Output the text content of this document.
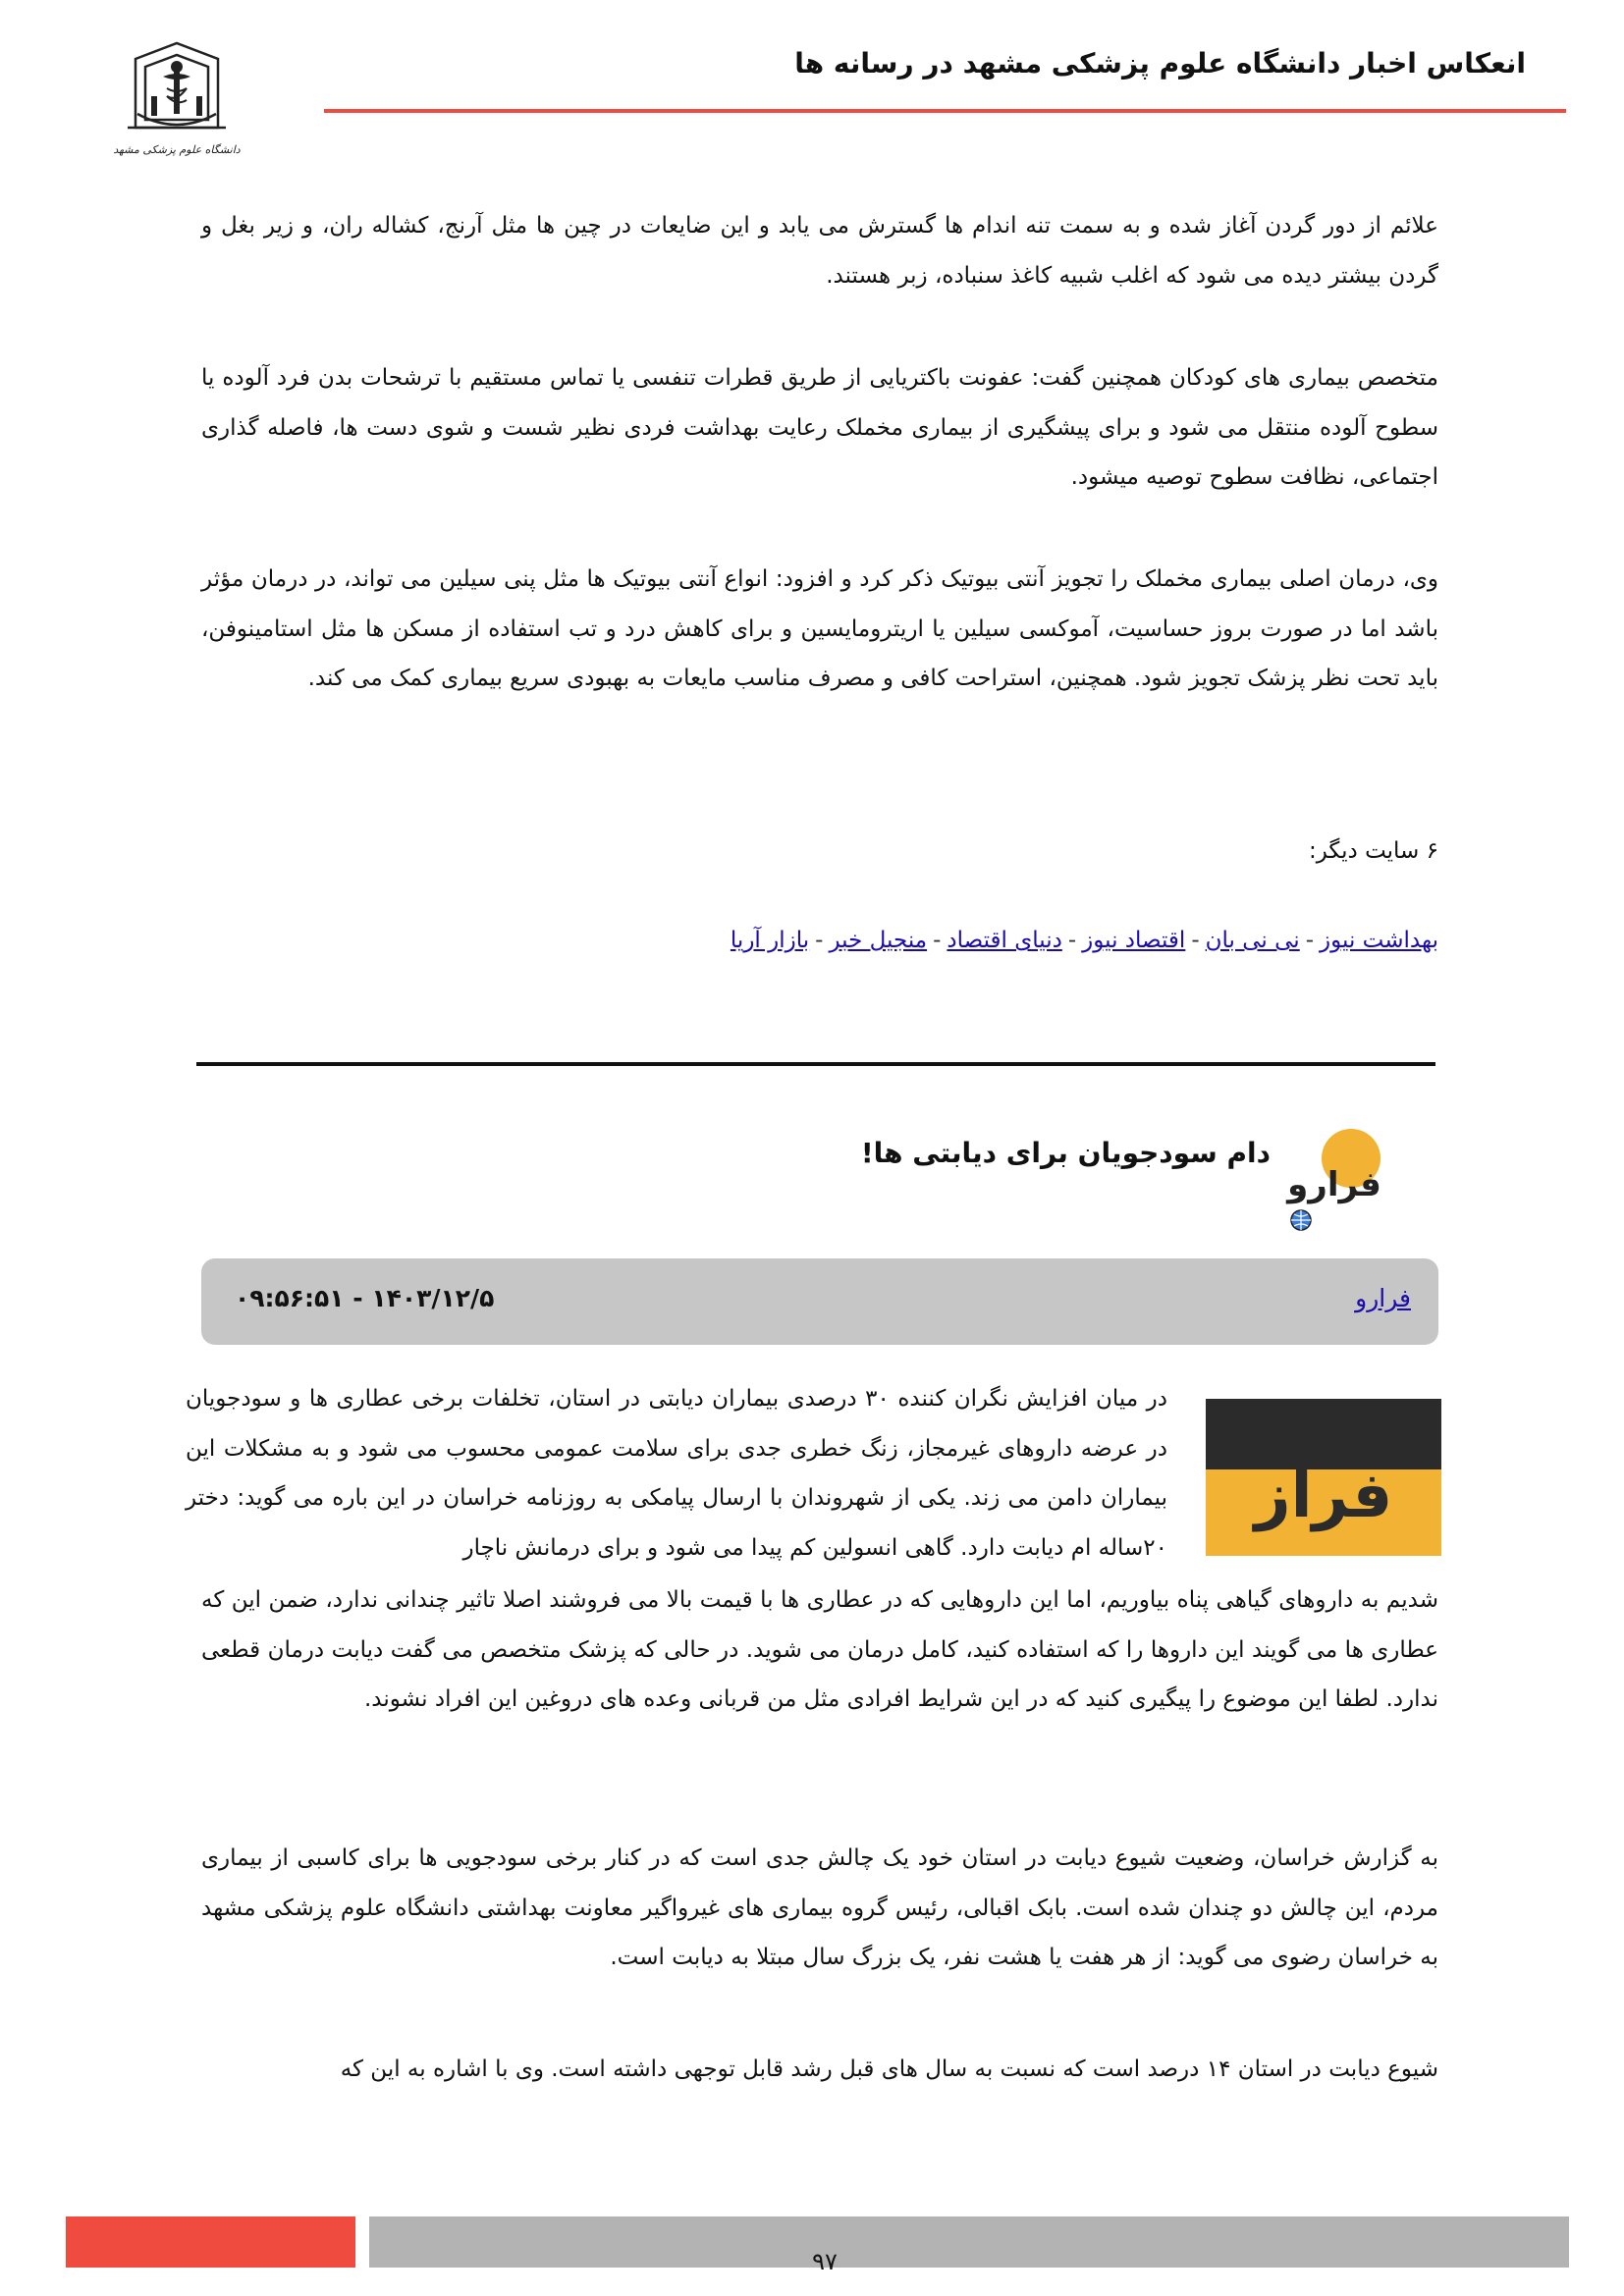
انعکاس اخبار دانشگاه علوم پزشکی مشهد در رسانه ها
دانشگاه علوم پزشکی مشهد

علائم از دور گردن آغاز شده و به سمت تنه اندام ها گسترش می یابد و این ضایعات در چین ها مثل آرنج، کشاله ران، و زیر بغل و گردن بیشتر دیده می شود که اغلب شبیه کاغذ سنباده، زبر هستند.

متخصص بیماری های کودکان همچنین گفت: عفونت باکتریایی از طریق قطرات تنفسی یا تماس مستقیم با ترشحات بدن فرد آلوده یا سطوح آلوده منتقل می شود و برای پیشگیری از بیماری مخملک رعایت بهداشت فردی نظیر شست و شوی دست ها، فاصله گذاری اجتماعی، نظافت سطوح توصیه میشود.

وی، درمان اصلی بیماری مخملک را تجویز آنتی بیوتیک ذکر کرد و افزود: انواع آنتی بیوتیک ها مثل پنی سیلین می تواند، در درمان مؤثر باشد اما در صورت بروز حساسیت، آموکسی سیلین یا اریترومایسین و برای کاهش درد و تب استفاده از مسکن ها مثل استامینوفن، باید تحت نظر پزشک تجویز شود. همچنین، استراحت کافی و مصرف مناسب مایعات به بهبودی سریع بیماری کمک می کند.

۶ سایت دیگر:
بهداشت نیوز-نی نی بان-اقتصاد نیوز-دنیای اقتصاد-منجیل خبر-بازار آریا
دام سودجویان برای دیابتی ها!
فرارو
فرارو
۱۴۰۳/۱۲/۵ - ۰۹:۵۶:۵۱
فراز

در میان افزایش نگران کننده ۳۰ درصدی بیماران دیابتی در استان، تخلفات برخی عطاری ها و سودجویان در عرضه داروهای غیرمجاز، زنگ خطری جدی برای سلامت عمومی محسوب می شود و به مشکلات این بیماران دامن می زند. یکی از شهروندان با ارسال پیامکی به روزنامه خراسان در این باره می گوید: دختر ۲۰ساله ام دیابت دارد. گاهی انسولین کم پیدا می شود و برای درمانش ناچار

شدیم به داروهای گیاهی پناه بیاوریم، اما این داروهایی که در عطاری ها با قیمت بالا می فروشند اصلا تاثیر چندانی ندارد، ضمن این که عطاری ها می گویند این داروها را که استفاده کنید، کامل درمان می شوید. در حالی که پزشک متخصص می گفت دیابت درمان قطعی ندارد. لطفا این موضوع را پیگیری کنید که در این شرایط افرادی مثل من قربانی وعده های دروغین این افراد نشوند.

به گزارش خراسان، وضعیت شیوع دیابت در استان خود یک چالش جدی است که در کنار برخی سودجویی ها برای کاسبی از بیماری مردم، این چالش دو چندان شده است. بابک اقبالی، رئیس گروه بیماری های غیرواگیر معاونت بهداشتی دانشگاه علوم پزشکی مشهد به خراسان رضوی می گوید: از هر هفت یا هشت نفر، یک بزرگ سال مبتلا به دیابت است.

شیوع دیابت در استان ۱۴ درصد است که نسبت به سال های قبل رشد قابل توجهی داشته است. وی با اشاره به این که

۹۷
